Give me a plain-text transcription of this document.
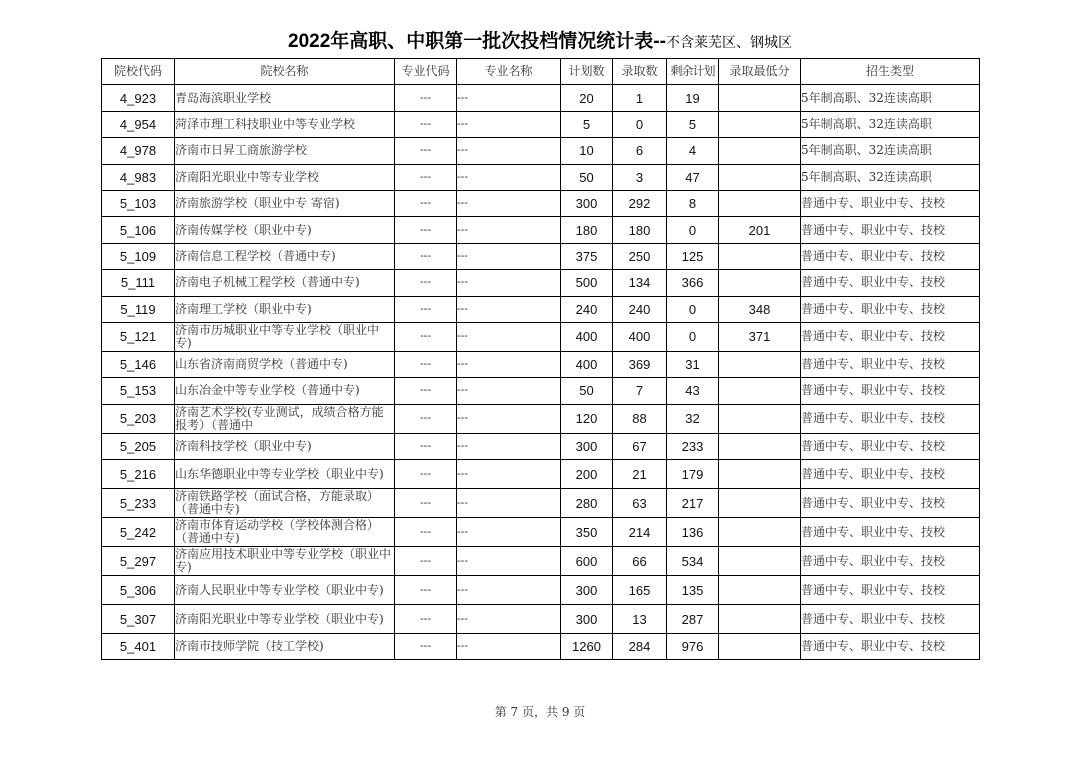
2022年高职、中职第一批次投档情况统计表--不含莱芜区、钢城区
院校代码	院校名称	专业代码	专业名称	计划数	录取数	剩余计划	录取最低分	招生类型
4_923	青岛海滨职业学校	---	---	20	1	19		5年制高职、32连读高职
4_954	菏泽市理工科技职业中等专业学校	---	---	5	0	5		5年制高职、32连读高职
4_978	济南市日昇工商旅游学校	---	---	10	6	4		5年制高职、32连读高职
4_983	济南阳光职业中等专业学校	---	---	50	3	47		5年制高职、32连读高职
5_103	济南旅游学校（职业中专 寄宿)	---	---	300	292	8		普通中专、职业中专、技校
5_106	济南传媒学校（职业中专)	---	---	180	180	0	201	普通中专、职业中专、技校
5_109	济南信息工程学校（普通中专)	---	---	375	250	125		普通中专、职业中专、技校
5_111	济南电子机械工程学校（普通中专)	---	---	500	134	366		普通中专、职业中专、技校
5_119	济南理工学校（职业中专)	---	---	240	240	0	348	普通中专、职业中专、技校
5_121	济南市历城职业中等专业学校（职业中专)	---	---	400	400	0	371	普通中专、职业中专、技校
5_146	山东省济南商贸学校（普通中专)	---	---	400	369	31		普通中专、职业中专、技校
5_153	山东冶金中等专业学校（普通中专)	---	---	50	7	43		普通中专、职业中专、技校
5_203	济南艺术学校(专业测试，成绩合格方能报考）（普通中	---	---	120	88	32		普通中专、职业中专、技校
5_205	济南科技学校（职业中专)	---	---	300	67	233		普通中专、职业中专、技校
5_216	山东华德职业中等专业学校（职业中专)	---	---	200	21	179		普通中专、职业中专、技校
5_233	济南铁路学校（面试合格，方能录取）（普通中专)	---	---	280	63	217		普通中专、职业中专、技校
5_242	济南市体育运动学校（学校体测合格）（普通中专)	---	---	350	214	136		普通中专、职业中专、技校
5_297	济南应用技术职业中等专业学校（职业中专)	---	---	600	66	534		普通中专、职业中专、技校
5_306	济南人民职业中等专业学校（职业中专)	---	---	300	165	135		普通中专、职业中专、技校
5_307	济南阳光职业中等专业学校（职业中专)	---	---	300	13	287		普通中专、职业中专、技校
5_401	济南市技师学院（技工学校)	---	---	1260	284	976		普通中专、职业中专、技校
第 7 页，共 9 页
